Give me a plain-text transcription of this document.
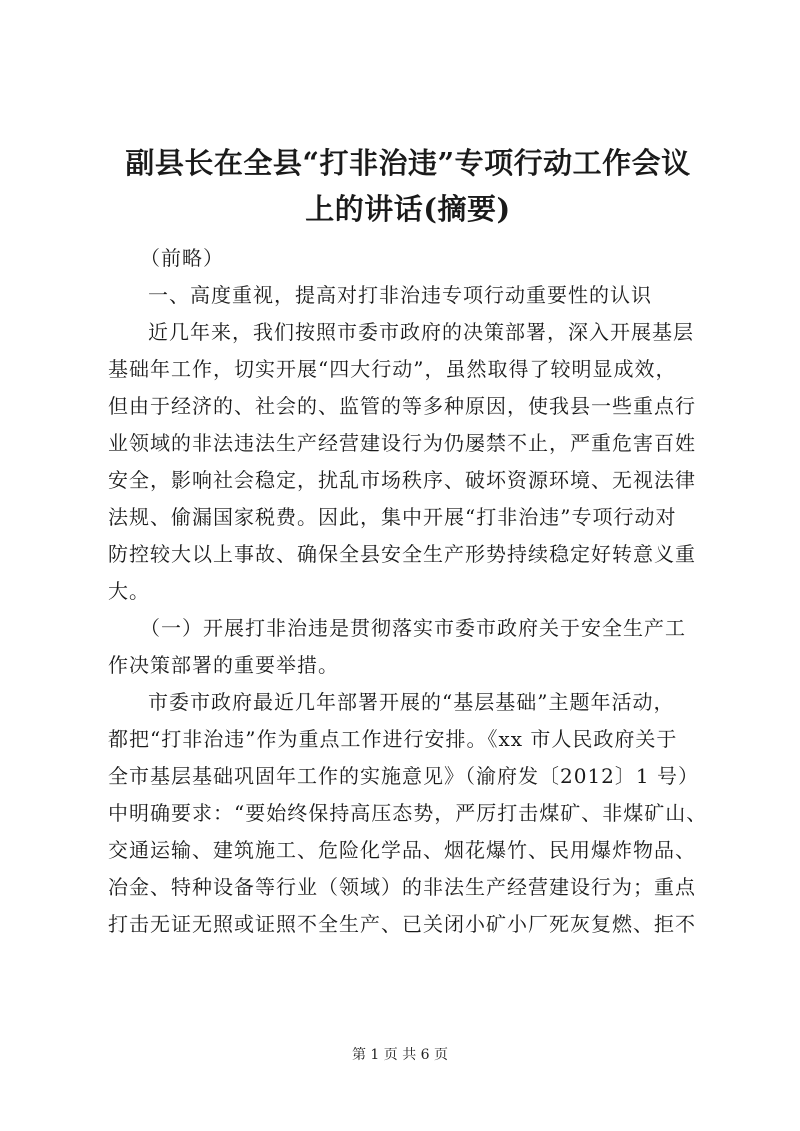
副县长在全县“打非治违”专项行动工作会议
上的讲话(摘要)

（前略）

一、高度重视，提高对打非治违专项行动重要性的认识

近几年来，我们按照市委市政府的决策部署，深入开展基层
基础年工作，切实开展“四大行动”，虽然取得了较明显成效，
但由于经济的、社会的、监管的等多种原因，使我县一些重点行
业领域的非法违法生产经营建设行为仍屡禁不止，严重危害百姓
安全，影响社会稳定，扰乱市场秩序、破坏资源环境、无视法律
法规、偷漏国家税费。因此，集中开展“打非治违”专项行动对
防控较大以上事故、确保全县安全生产形势持续稳定好转意义重
大。

（一）开展打非治违是贯彻落实市委市政府关于安全生产工
作决策部署的重要举措。

市委市政府最近几年部署开展的“基层基础”主题年活动，
都把“打非治违”作为重点工作进行安排。《xx 市人民政府关于
全市基层基础巩固年工作的实施意见》（渝府发〔2012〕1 号）
中明确要求：“要始终保持高压态势，严厉打击煤矿、非煤矿山、
交通运输、建筑施工、危险化学品、烟花爆竹、民用爆炸物品、
冶金、特种设备等行业（领域）的非法生产经营建设行为；重点
打击无证无照或证照不全生产、已关闭小矿小厂死灰复燃、拒不

第 1 页 共 6 页
